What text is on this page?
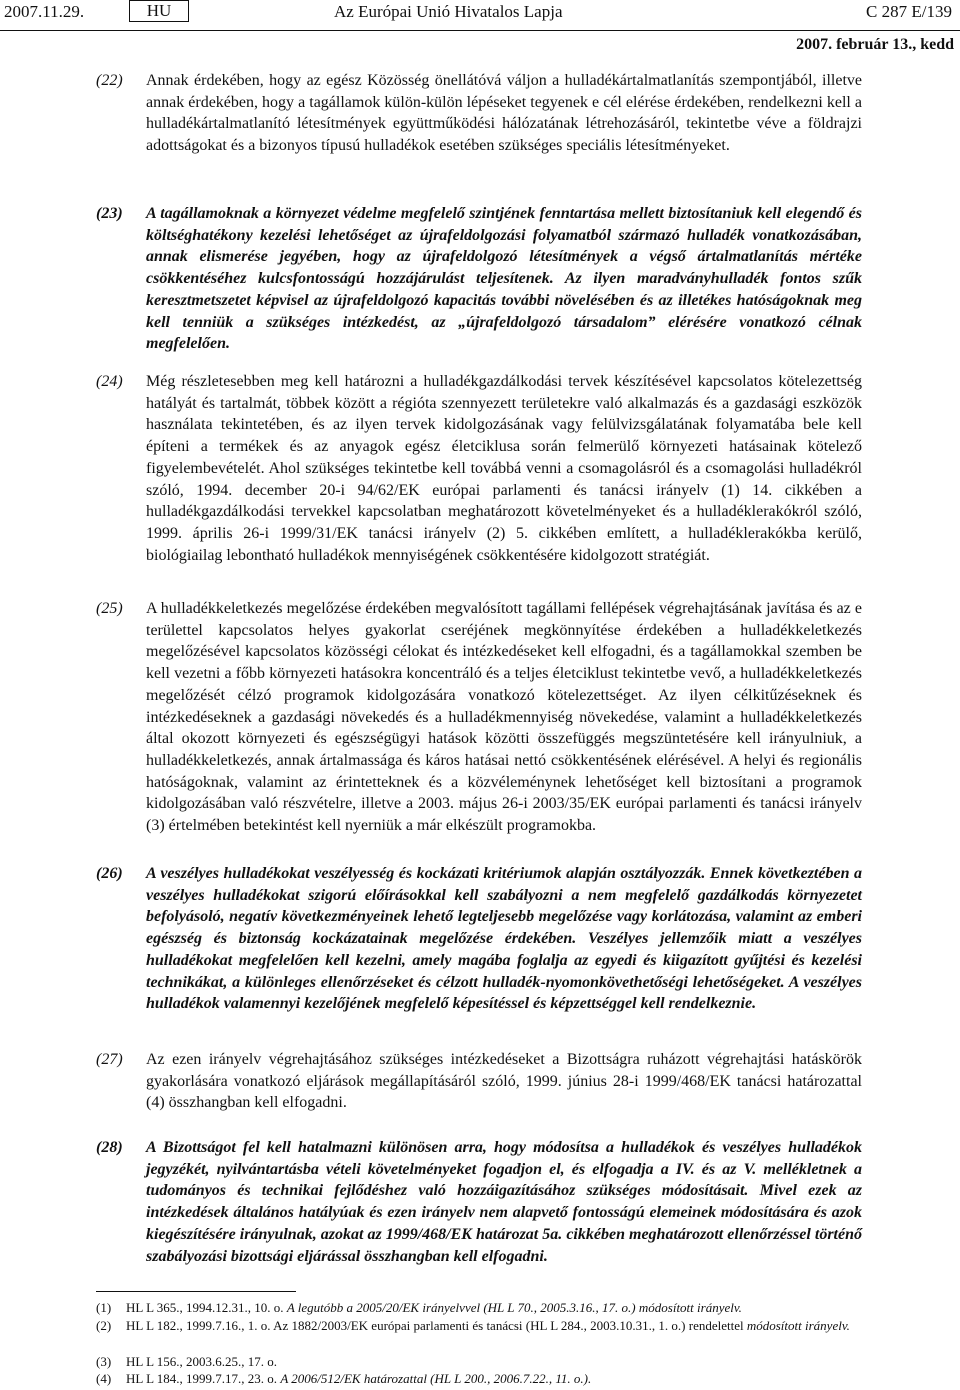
2007.11.29.	HU	Az Európai Unió Hivatalos Lapja	C 287 E/139
2007. február 13., kedd
(22) Annak érdekében, hogy az egész Közösség önellátóvá váljon a hulladékártalmatlanítás szempontjából, illetve annak érdekében, hogy a tagállamok külön-külön lépéseket tegyenek e cél elérése érdekében, rendelkezni kell a hulladékártalmatlanító létesítmények együttműködési hálózatának létrehozásáról, tekintetbe véve a földrajzi adottságokat és a bizonyos típusú hulladékok esetében szükséges speciális létesítményeket.
(23) A tagállamoknak a környezet védelme megfelelő szintjének fenntartása mellett biztosítaniuk kell elegendő és költséghatékony kezelési lehetőséget az újrafeldolgozási folyamatból származó hulladék vonatkozásában, annak elismerése jegyében, hogy az újrafeldolgozó létesítmények a végső ártalmatlanítás mértéke csökkentéséhez kulcsfontosságú hozzájárulást teljesítenek. Az ilyen maradványhulladék fontos szűk keresztmetszetet képvisel az újrafeldolgozó kapacitás további növelésében és az illetékes hatóságoknak meg kell tenniük a szükséges intézkedést, az „újrafeldolgozó társadalom” elérésére vonatkozó célnak megfelelően.
(24) Még részletesebben meg kell határozni a hulladékgazdálkodási tervek készítésével kapcsolatos kötelezettség hatályát és tartalmát, többek között a régióta szennyezett területekre való alkalmazás és a gazdasági eszközök használata tekintetében, és az ilyen tervek kidolgozásának vagy felülvizsgálatának folyamatába bele kell építeni a termékek és az anyagok egész életciklusa során felmerülő környezeti hatásainak kötelező figyelembevételét. Ahol szükséges tekintetbe kell továbbá venni a csomagolásról és a csomagolási hulladékról szóló, 1994. december 20-i 94/62/EK európai parlamenti és tanácsi irányelv (1) 14. cikkében a hulladékgazdálkodási tervekkel kapcsolatban meghatározott követelményeket és a hulladéklerakókról szóló, 1999. április 26-i 1999/31/EK tanácsi irányelv (2) 5. cikkében említett, a hulladéklerakókba kerülő, biológiailag lebontható hulladékok mennyiségének csökkentésére kidolgozott stratégiát.
(25) A hulladékkeletkezés megelőzése érdekében megvalósított tagállami fellépések végrehajtásának javítása és az e területtel kapcsolatos helyes gyakorlat cseréjének megkönnyítése érdekében a hulladékkeletkezés megelőzésével kapcsolatos közösségi célokat és intézkedéseket kell elfogadni, és a tagállamokkal szemben be kell vezetni a főbb környezeti hatásokra koncentráló és a teljes életciklust tekintetbe vevő, a hulladékkeletkezés megelőzését célzó programok kidolgozására vonatkozó kötelezettséget. Az ilyen célkitűzéseknek és intézkedéseknek a gazdasági növekedés és a hulladékmennyiség növekedése, valamint a hulladékkeletkezés által okozott környezeti és egészségügyi hatások közötti összefüggés megszüntetésére kell irányulniuk, a hulladékkeletkezés, annak ártalmassága és káros hatásai nettó csökkentésének elérésével. A helyi és regionális hatóságoknak, valamint az érintetteknek és a közvéleménynek lehetőséget kell biztosítani a programok kidolgozásában való részvételre, illetve a 2003. május 26-i 2003/35/EK európai parlamenti és tanácsi irányelv (3) értelmében betekintést kell nyerniük a már elkészült programokba.
(26) A veszélyes hulladékokat veszélyesség és kockázati kritériumok alapján osztályozzák. Ennek következtében a veszélyes hulladékokat szigorú előírásokkal kell szabályozni a nem megfelelő gazdálkodás környezetet befolyásoló, negatív következményeinek lehető legteljesebb megelőzése vagy korlátozása, valamint az emberi egészség és biztonság kockázatainak megelőzése érdekében. Veszélyes jellemzőik miatt a veszélyes hulladékokat megfelelően kell kezelni, amely magába foglalja az egyedi és kiigazított gyűjtési és kezelési technikákat, a különleges ellenőrzéseket és célzott hulladék-nyomonkövethetőségi lehetőségeket. A veszélyes hulladékok valamennyi kezelőjének megfelelő képesítéssel és képzettséggel kell rendelkeznie.
(27) Az ezen irányelv végrehajtásához szükséges intézkedéseket a Bizottságra ruházott végrehajtási hatáskörök gyakorlására vonatkozó eljárások megállapításáról szóló, 1999. június 28-i 1999/468/EK tanácsi határozattal (4) összhangban kell elfogadni.
(28) A Bizottságot fel kell hatalmazni különösen arra, hogy módosítsa a hulladékok és veszélyes hulladékok jegyzékét, nyilvántartásba vételi követelményeket fogadjon el, és elfogadja a IV. és az V. mellékletnek a tudományos és technikai fejlődéshez való hozzáigazításához szükséges módosításait. Mivel ezek az intézkedések általános hatályúak és ezen irányelv nem alapvető fontosságú elemeinek módosítására és azok kiegészítésére irányulnak, azokat az 1999/468/EK határozat 5a. cikkében meghatározott ellenőrzéssel történő szabályozási bizottsági eljárással összhangban kell elfogadni.
(1) HL L 365., 1994.12.31., 10. o. A legutóbb a 2005/20/EK irányelvvel (HL L 70., 2005.3.16., 17. o.) módosított irányelv.
(2) HL L 182., 1999.7.16., 1. o. Az 1882/2003/EK európai parlamenti és tanácsi (HL L 284., 2003.10.31., 1. o.) rendelettel módosított irányelv.
(3) HL L 156., 2003.6.25., 17. o.
(4) HL L 184., 1999.7.17., 23. o. A 2006/512/EK határozattal (HL L 200., 2006.7.22., 11. o.).
